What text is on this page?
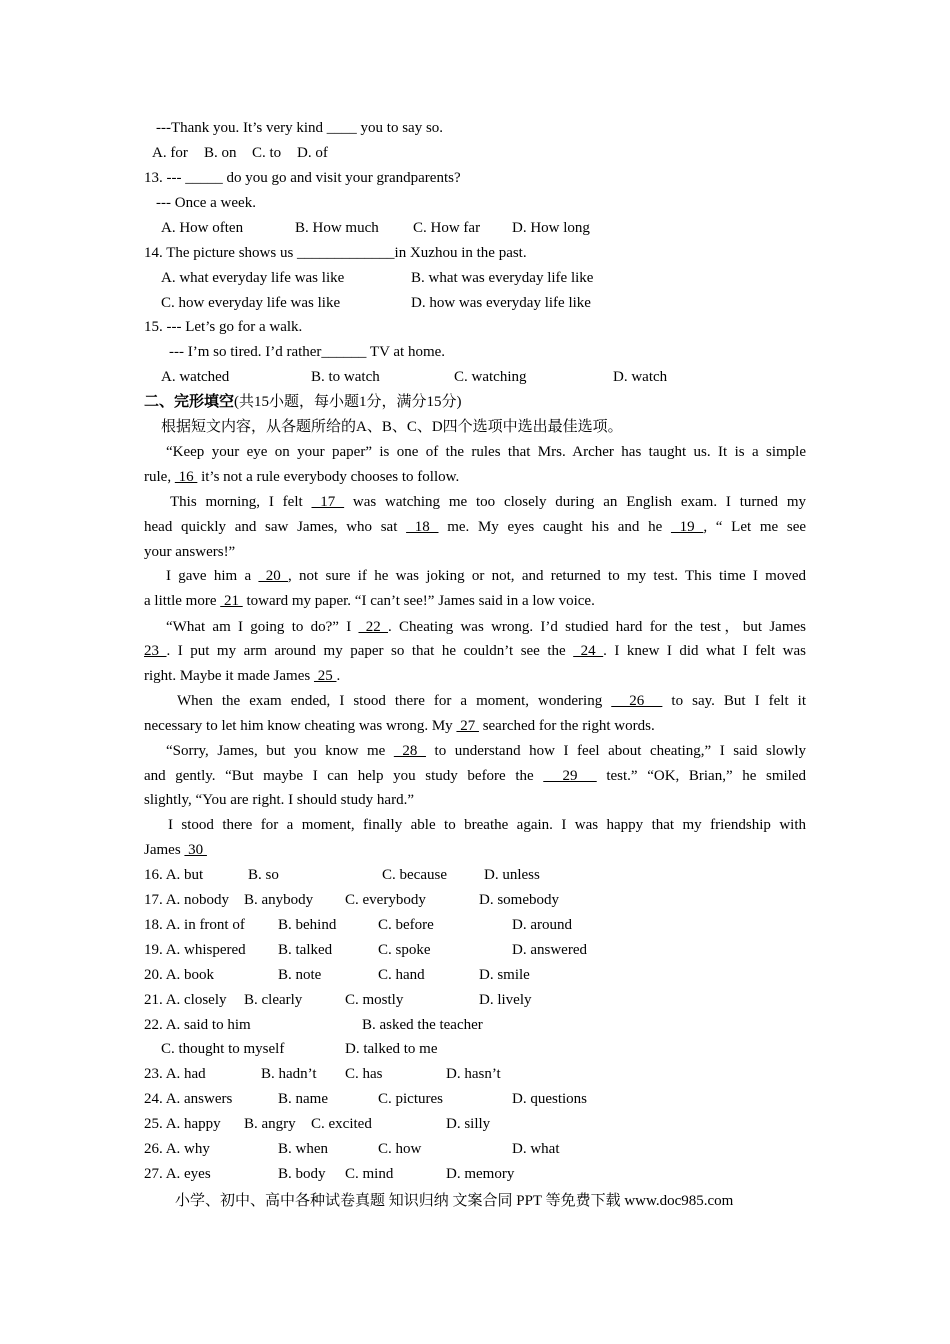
---Thank you. It’s very kind ____ you to say so.
A. for B. on C. to D. of
13. --- _____ do you go and visit your grandparents?
--- Once a week.
A. How often	B. How much C. How far D. How long
14. The picture shows us _____________in Xuzhou in the past.
A. what everyday life was like	B. what was everyday life like
C. how everyday life was like	D. how was everyday life like
15. --- Let’s go for a walk.
--- I’m so tired. I’d rather______ TV at home.
A. watched	B. to watch	C. watching	D. watch
二、完形填空(共15小题，每小题1分，满分15分)
根据短文内容，从各题所给的A、B、C、D四个选项中选出最佳选项。
“Keep your eye on your paper” is one of the rules that Mrs. Archer has taught us. It is a simple
rule,  16  it’s not a rule everybody chooses to follow.
This morning, I felt  17  was watching me too closely during an English exam. I turned my
head quickly and saw James, who sat  18  me. My eyes caught his and he  19 , “ Let me see
your answers!”
I gave him a  20 , not sure if he was joking or not, and returned to my test. This time I moved
a little more  21  toward my paper. “I can’t see!” James said in a low voice.
“What am I going to do?” I  22 . Cheating was wrong. I’d studied hard for the test，but James
23 . I put my arm around my paper so that he couldn’t see the  24 . I knew I did what I felt was
right. Maybe it made James  25 .
When the exam ended, I stood there for a moment, wondering   26   to say. But I felt it
necessary to let him know cheating was wrong. My  27  searched for the right words.
“Sorry, James, but you know me  28  to understand how I feel about cheating,” I said slowly
and gently. “But maybe I can help you study before the   29   test.” “OK, Brian,” he smiled
slightly, “You are right. I should study hard.”
I stood there for a moment, finally able to breathe again. I was happy that my friendship with
James  30
16. A. but	B. so	C. because D. unless
17. A. nobody B. anybody C. everybody	D. somebody
18. A. in front of B. behind	C. before	D. around
19. A. whispered B. talked	C. spoke	D. answered
20. A. book	B. note	C. hand	D. smile
21. A. closely B. clearly	C. mostly	D. lively
22. A. said to him	B. asked the teacher
C. thought to myself	D. talked to me
23. A. had	B. hadn’t C. has	D. hasn’t
24. A. answers	B. name	C. pictures	D. questions
25. A. happy B. angry C. excited	D. silly
26. A. why	B. when	C. how	D. what
27. A. eyes	B. body C. mind	D. memory
小学、初中、高中各种试卷真题 知识归纳 文案合同 PPT 等免费下载 www.doc985.com
